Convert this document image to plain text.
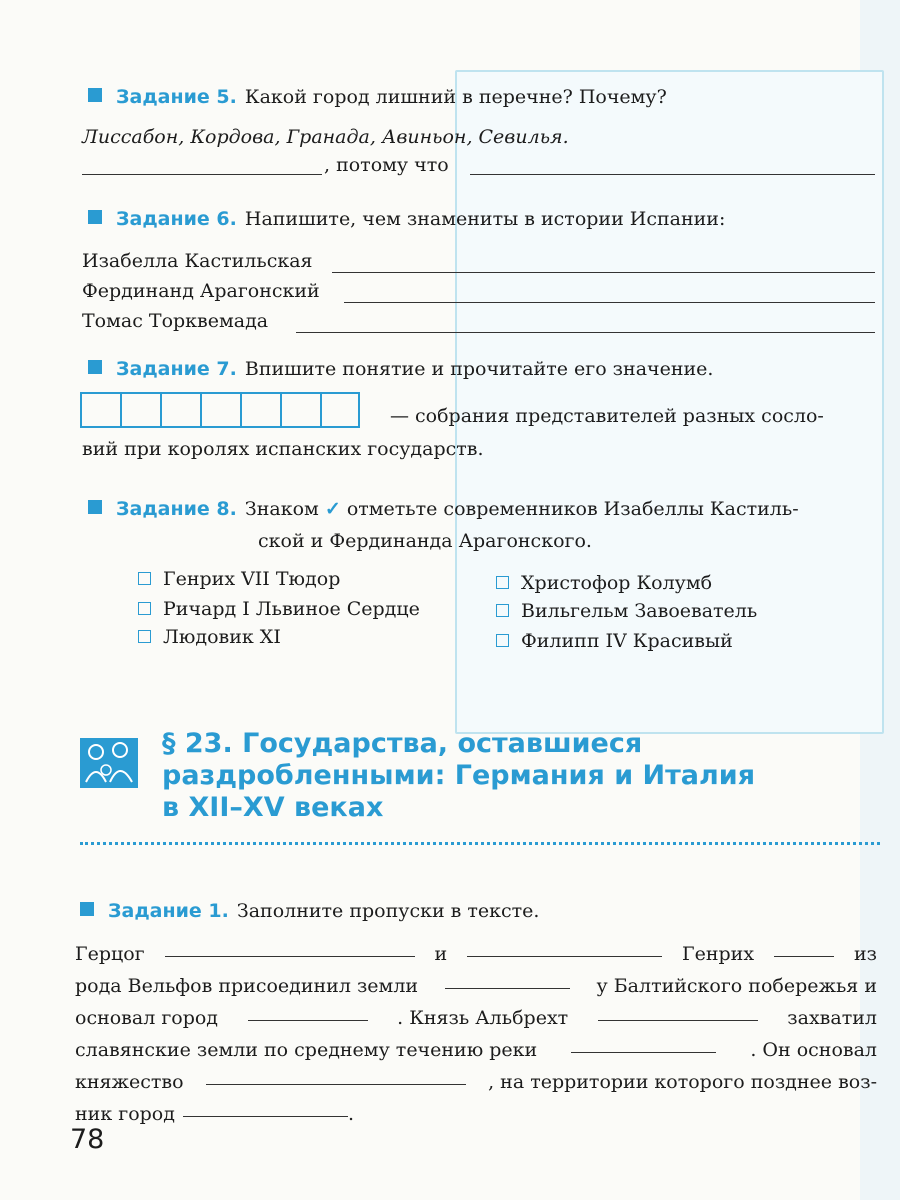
Задание 5. Какой город лишний в перечне? Почему?
Лиссабон, Кордова, Гранада, Авиньон, Севилья.
, потому что
Задание 6. Напишите, чем знамениты в истории Испании:
Изабелла Кастильская
Фердинанд Арагонский
Томас Торквемада
Задание 7. Впишите понятие и прочитайте его значение.
— собрания представителей разных сосло-
вий при королях испанских государств.
Задание 8. Знаком ✓ отметьте современников Изабеллы Кастиль-
ской и Фердинанда Арагонского.
Генрих VII Тюдор
Ричард I Львиное Сердце
Людовик XI
Христофор Колумб
Вильгельм Завоеватель
Филипп IV Красивый
§ 23. Государства, оставшиеся
раздробленными: Германия и Италия
в XII–XV веках
Задание 1. Заполните пропуски в тексте.
Герцог	и	Генрих	из
рода Вельфов присоединил земли	у Балтийского побережья и
основал город	. Князь Альбрехт	захватил
славянские земли по среднему течению реки	. Он основал
княжество	, на территории которого позднее воз-
ник город	.
78
